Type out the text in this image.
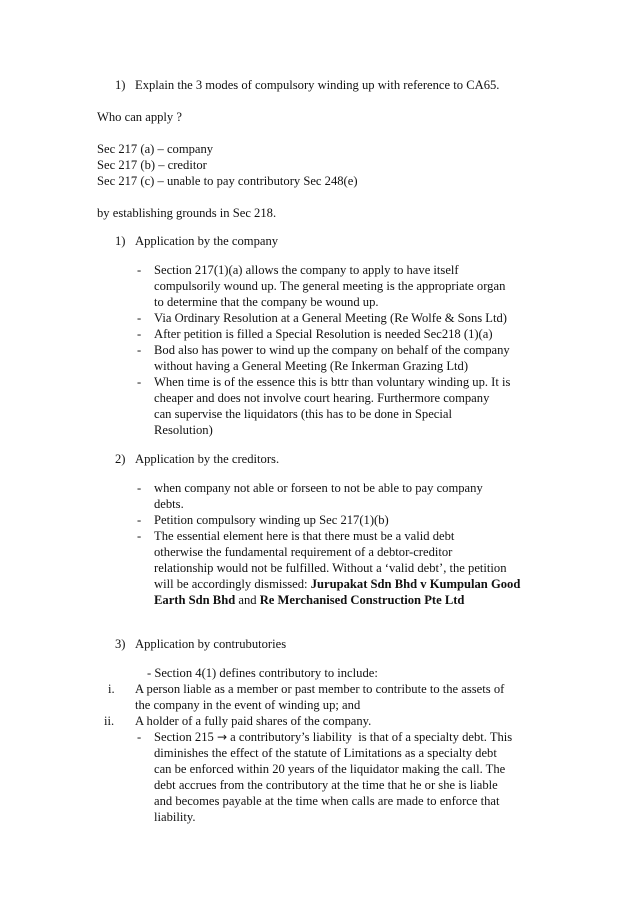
1) Explain the 3 modes of compulsory winding up with reference to CA65.
Who can apply ?
Sec 217 (a) – company
Sec 217 (b) – creditor
Sec 217 (c) – unable to pay contributory Sec 248(e)
by establishing grounds in Sec 218.
1) Application by the company
- Section 217(1)(a) allows the company to apply to have itself
compulsorily wound up. The general meeting is the appropriate organ
to determine that the company be wound up.
- Via Ordinary Resolution at a General Meeting (Re Wolfe & Sons Ltd)
- After petition is filled a Special Resolution is needed Sec218 (1)(a)
- Bod also has power to wind up the company on behalf of the company
without having a General Meeting (Re Inkerman Grazing Ltd)
- When time is of the essence this is bttr than voluntary winding up. It is
cheaper and does not involve court hearing. Furthermore company
can supervise the liquidators (this has to be done in Special
Resolution)
2) Application by the creditors.
- when company not able or forseen to not be able to pay company
debts.
- Petition compulsory winding up Sec 217(1)(b)
- The essential element here is that there must be a valid debt
otherwise the fundamental requirement of a debtor-creditor
relationship would not be fulfilled. Without a ‘valid debt’, the petition
will be accordingly dismissed: Jurupakat Sdn Bhd v Kumpulan Good
Earth Sdn Bhd and Re Merchanised Construction Pte Ltd
3) Application by contrubutories
- Section 4(1) defines contributory to include:
i. A person liable as a member or past member to contribute to the assets of
the company in the event of winding up; and
ii. A holder of a fully paid shares of the company.
- Section 215 → a contributory’s liability  is that of a specialty debt. This
diminishes the effect of the statute of Limitations as a specialty debt
can be enforced within 20 years of the liquidator making the call. The
debt accrues from the contributory at the time that he or she is liable
and becomes payable at the time when calls are made to enforce that
liability.
